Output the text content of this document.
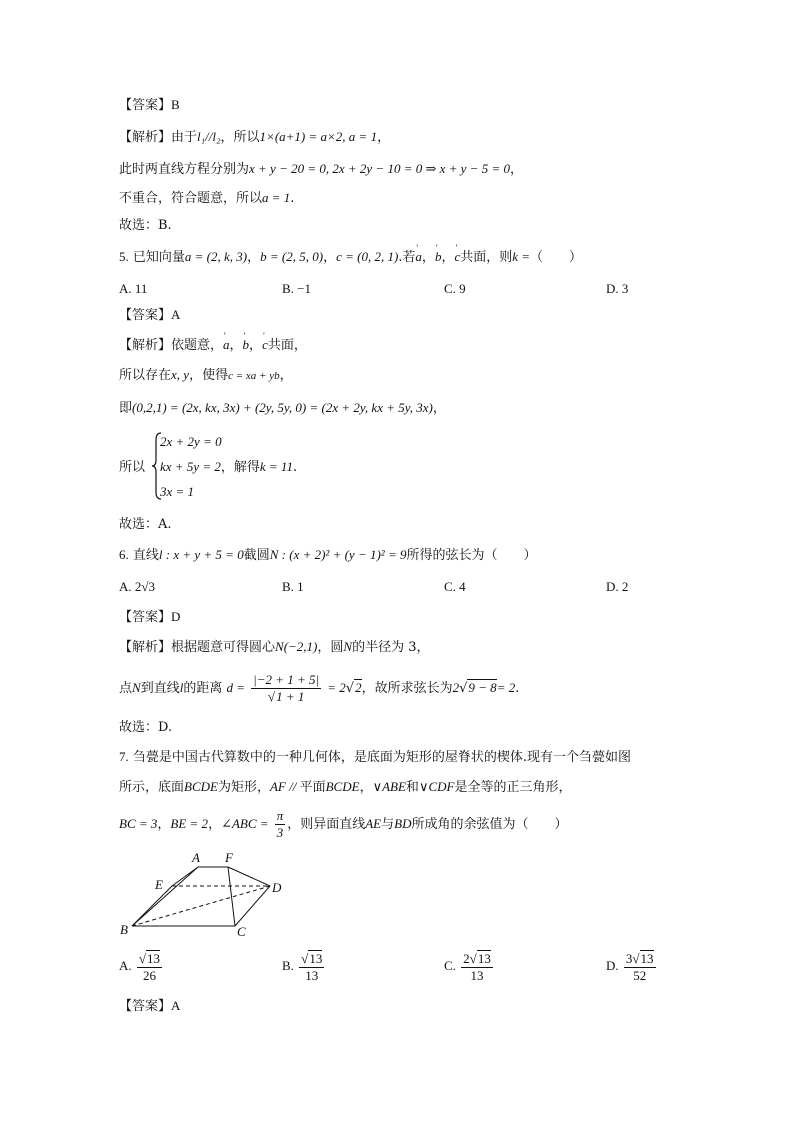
【答案】B
【解析】由于l₁//l₂，所以1×(a+1) = a×2, a = 1，
此时两直线方程分别为x + y − 20 = 0, 2x + 2y − 10 = 0 ⇒ x + y − 5 = 0，
不重合，符合题意，所以a = 1.
故选：B.
5. 已知向量a = (2, k, 3)，b = (2, 5, 0)，c = (0, 2, 1).若' a，' b，' c共面，则k =（　　）
A. 11	B. −1	C. 9	D. 3
【答案】A
【解析】依题意，' a，' b，' c共面，
所以存在x, y，使得c = xa + yb，
即(0,2,1) = (2x, kx, 3x) + (2y, 5y, 0) = (2x + 2y, kx + 5y, 3x)，
所以
2x + 2y = 0
kx + 5y = 2，解得k = 11.
3x = 1
故选：A.
6. 直线l : x + y + 5 = 0截圆N : (x + 2)² + (y − 1)² = 9所得的弦长为（　　）
A. 2√3	B. 1	C. 4	D. 2
【答案】D
【解析】根据题意可得圆心N(−2,1)，圆N的半径为 3，
点N到直线l的距离 $d = \frac{|-2 + 1 + 5|}{√1 + 1} = 2√2$，故所求弦长为2√9 − 8= 2.
故选：D.
7. 刍甍是中国古代算数中的一种几何体，是底面为矩形的屋脊状的楔体.现有一个刍甍如图
所示，底面BCDE为矩形，AF // 平面BCDE，∨ABE和∨CDF是全等的正三角形，
BC = 3，BE = 2，∠ABC = $\frac{\pi}{3}$ ，则异面直线AE与BD所成角的余弦值为（　　）
A F
E	D
B	C
A. $\frac{√13}{26}$	B. $\frac{√13}{13}$	C. $\frac{2√13}{13}$	D. $\frac{3√13}{52}$
【答案】A
